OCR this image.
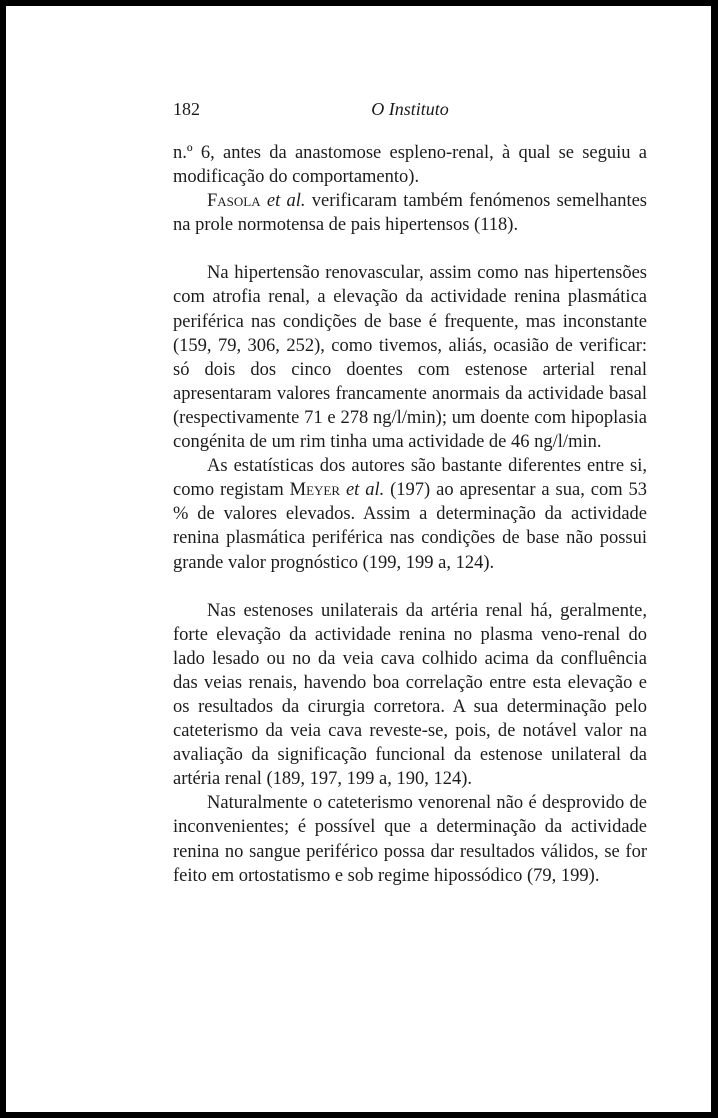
182	O Instituto

n.º 6, antes da anastomose espleno-renal, à qual se seguiu a modificação do comportamento).

Fasola et al. verificaram também fenómenos semelhantes na prole normotensa de pais hipertensos (118).

Na hipertensão renovascular, assim como nas hipertensões com atrofia renal, a elevação da actividade renina plasmática periférica nas condições de base é frequente, mas inconstante (159, 79, 306, 252), como tivemos, aliás, ocasião de verificar: só dois dos cinco doentes com estenose arterial renal apresentaram valores francamente anormais da actividade basal (respectivamente 71 e 278 ng/l/min); um doente com hipoplasia congénita de um rim tinha uma actividade de 46 ng/l/min.

As estatísticas dos autores são bastante diferentes entre si, como registam Meyer et al. (197) ao apresentar a sua, com 53 % de valores elevados. Assim a determinação da actividade renina plasmática periférica nas condições de base não possui grande valor prognóstico (199, 199 a, 124).

Nas estenoses unilaterais da artéria renal há, geralmente, forte elevação da actividade renina no plasma veno-renal do lado lesado ou no da veia cava colhido acima da confluência das veias renais, havendo boa correlação entre esta elevação e os resultados da cirurgia corretora. A sua determinação pelo cateterismo da veia cava reveste-se, pois, de notável valor na avaliação da significação funcional da estenose unilateral da artéria renal (189, 197, 199 a, 190, 124).

Naturalmente o cateterismo venorenal não é desprovido de inconvenientes; é possível que a determinação da actividade renina no sangue periférico possa dar resultados válidos, se for feito em ortostatismo e sob regime hipossódico (79, 199).
